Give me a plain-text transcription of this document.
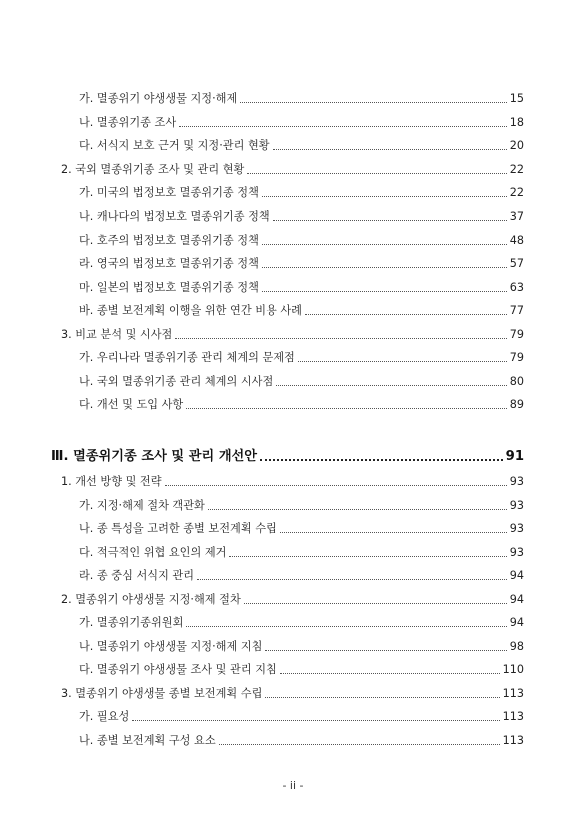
가. 멸종위기 야생생물 지정·해제	15
나. 멸종위기종 조사	18
다. 서식지 보호 근거 및 지정·관리 현황	20
2. 국외 멸종위기종 조사 및 관리 현황	22
가. 미국의 법정보호 멸종위기종 정책	22
나. 캐나다의 법정보호 멸종위기종 정책	37
다. 호주의 법정보호 멸종위기종 정책	48
라. 영국의 법정보호 멸종위기종 정책	57
마. 일본의 법정보호 멸종위기종 정책	63
바. 종별 보전계획 이행을 위한 연간 비용 사례	77
3. 비교 분석 및 시사점	79
가. 우리나라 멸종위기종 관리 체계의 문제점	79
나. 국외 멸종위기종 관리 체계의 시사점	80
다. 개선 및 도입 사항	89
Ⅲ. 멸종위기종 조사 및 관리 개선안	91
1. 개선 방향 및 전략	93
가. 지정·해제 절차 객관화	93
나. 종 특성을 고려한 종별 보전계획 수립	93
다. 적극적인 위협 요인의 제거	93
라. 종 중심 서식지 관리	94
2. 멸종위기 야생생물 지정·해제 절차	94
가. 멸종위기종위원회	94
나. 멸종위기 야생생물 지정·해제 지침	98
다. 멸종위기 야생생물 조사 및 관리 지침	110
3. 멸종위기 야생생물 종별 보전계획 수립	113
가. 필요성	113
나. 종별 보전계획 구성 요소	113
- ii -
